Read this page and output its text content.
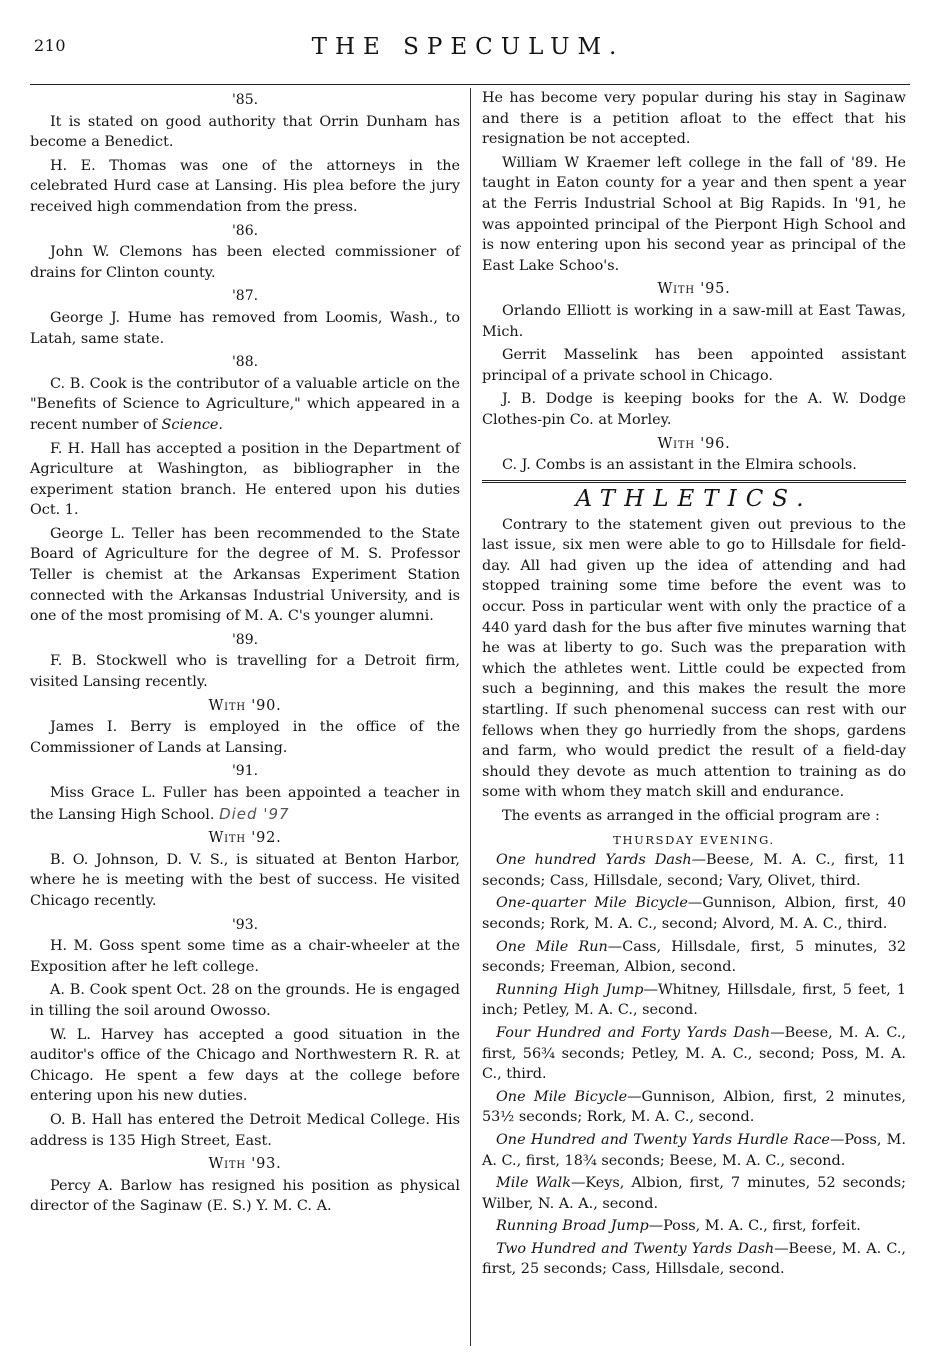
210	THE SPECULUM.
'85.

It is stated on good authority that Orrin Dunham has become a Benedict.

H. E. Thomas was one of the attorneys in the celebrated Hurd case at Lansing. His plea before the jury received high commendation from the press.

'86.

John W. Clemons has been elected commissioner of drains for Clinton county.

'87.

George J. Hume has removed from Loomis, Wash., to Latah, same state.

'88.

C. B. Cook is the contributor of a valuable article on the "Benefits of Science to Agriculture," which appeared in a recent number of Science.

F. H. Hall has accepted a position in the Department of Agriculture at Washington, as bibliographer in the experiment station branch. He entered upon his duties Oct. 1.

George L. Teller has been recommended to the State Board of Agriculture for the degree of M. S. Professor Teller is chemist at the Arkansas Experiment Station connected with the Arkansas Industrial University, and is one of the most promising of M. A. C's younger alumni.

'89.

F. B. Stockwell who is travelling for a Detroit firm, visited Lansing recently.

With '90.

James I. Berry is employed in the office of the Commissioner of Lands at Lansing.

'91.

Miss Grace L. Fuller has been appointed a teacher in the Lansing High School. Died '97

With '92.

B. O. Johnson, D. V. S., is situated at Benton Harbor, where he is meeting with the best of success. He visited Chicago recently.

'93.

H. M. Goss spent some time as a chair-wheeler at the Exposition after he left college.

A. B. Cook spent Oct. 28 on the grounds. He is engaged in tilling the soil around Owosso.

W. L. Harvey has accepted a good situation in the auditor's office of the Chicago and Northwestern R. R. at Chicago. He spent a few days at the college before entering upon his new duties.

O. B. Hall has entered the Detroit Medical College. His address is 135 High Street, East.

With '93.

Percy A. Barlow has resigned his position as physical director of the Saginaw (E. S.) Y. M. C. A.

He has become very popular during his stay in Saginaw and there is a petition afloat to the effect that his resignation be not accepted.

William W Kraemer left college in the fall of '89. He taught in Eaton county for a year and then spent a year at the Ferris Industrial School at Big Rapids. In '91, he was appointed principal of the Pierpont High School and is now entering upon his second year as principal of the East Lake Schoo's.

With '95.

Orlando Elliott is working in a saw-mill at East Tawas, Mich.

Gerrit Masselink has been appointed assistant principal of a private school in Chicago.

J. B. Dodge is keeping books for the A. W. Dodge Clothes-pin Co. at Morley.

With '96.

C. J. Combs is an assistant in the Elmira schools.

ATHLETICS.

Contrary to the statement given out previous to the last issue, six men were able to go to Hillsdale for field-day. All had given up the idea of attending and had stopped training some time before the event was to occur. Poss in particular went with only the practice of a 440 yard dash for the bus after five minutes warning that he was at liberty to go. Such was the preparation with which the athletes went. Little could be expected from such a beginning, and this makes the result the more startling. If such phenomenal success can rest with our fellows when they go hurriedly from the shops, gardens and farm, who would predict the result of a field-day should they devote as much attention to training as do some with whom they match skill and endurance.

The events as arranged in the official program are :

THURSDAY EVENING.

One hundred Yards Dash—Beese, M. A. C., first, 11 seconds; Cass, Hillsdale, second; Vary, Olivet, third.

One-quarter Mile Bicycle—Gunnison, Albion, first, 40 seconds; Rork, M. A. C., second; Alvord, M. A. C., third.

One Mile Run—Cass, Hillsdale, first, 5 minutes, 32 seconds; Freeman, Albion, second.

Running High Jump—Whitney, Hillsdale, first, 5 feet, 1 inch; Petley, M. A. C., second.

Four Hundred and Forty Yards Dash—Beese, M. A. C., first, 56¾ seconds; Petley, M. A. C., second; Poss, M. A. C., third.

One Mile Bicycle—Gunnison, Albion, first, 2 minutes, 53½ seconds; Rork, M. A. C., second.

One Hundred and Twenty Yards Hurdle Race—Poss, M. A. C., first, 18¾ seconds; Beese, M. A. C., second.

Mile Walk—Keys, Albion, first, 7 minutes, 52 seconds; Wilber, N. A. A., second.

Running Broad Jump—Poss, M. A. C., first, forfeit.

Two Hundred and Twenty Yards Dash—Beese, M. A. C., first, 25 seconds; Cass, Hillsdale, second.
